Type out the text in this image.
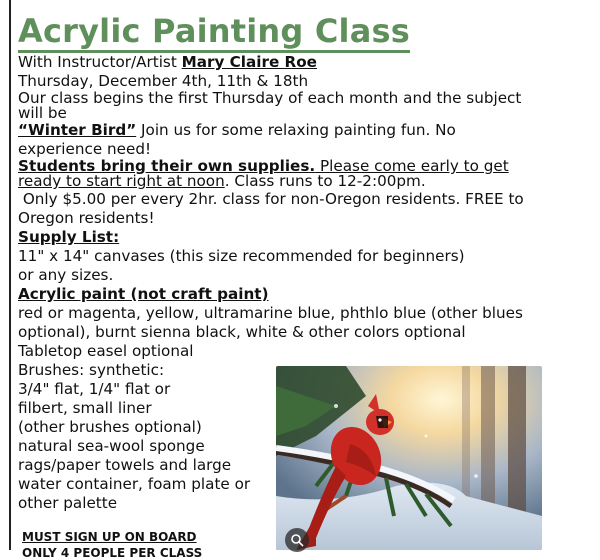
Acrylic Painting Class
With Instructor/Artist Mary Claire Roe
Thursday, December 4th, 11th & 18th
Our class begins the first Thursday of each month and the subject
will be
“Winter Bird” Join us for some relaxing painting fun. No
experience need!
Students bring their own supplies. Please come early to get
ready to start right at noon. Class runs to 12-2:00pm.
Only $5.00 per every 2hr. class for non-Oregon residents. FREE to
Oregon residents!
Supply List:
11" x 14" canvases (this size recommended for beginners)
or any sizes.
Acrylic paint (not craft paint)
red or magenta, yellow, ultramarine blue, phthlo blue (other blues
optional), burnt sienna black, white & other colors optional
Tabletop easel optional
Brushes: synthetic:
3/4" flat, 1/4" flat or
filbert, small liner
(other brushes optional)
natural sea-wool sponge
rags/paper towels and large
water container, foam plate or
other palette
MUST SIGN UP ON BOARD
ONLY 4 PEOPLE PER CLASS
